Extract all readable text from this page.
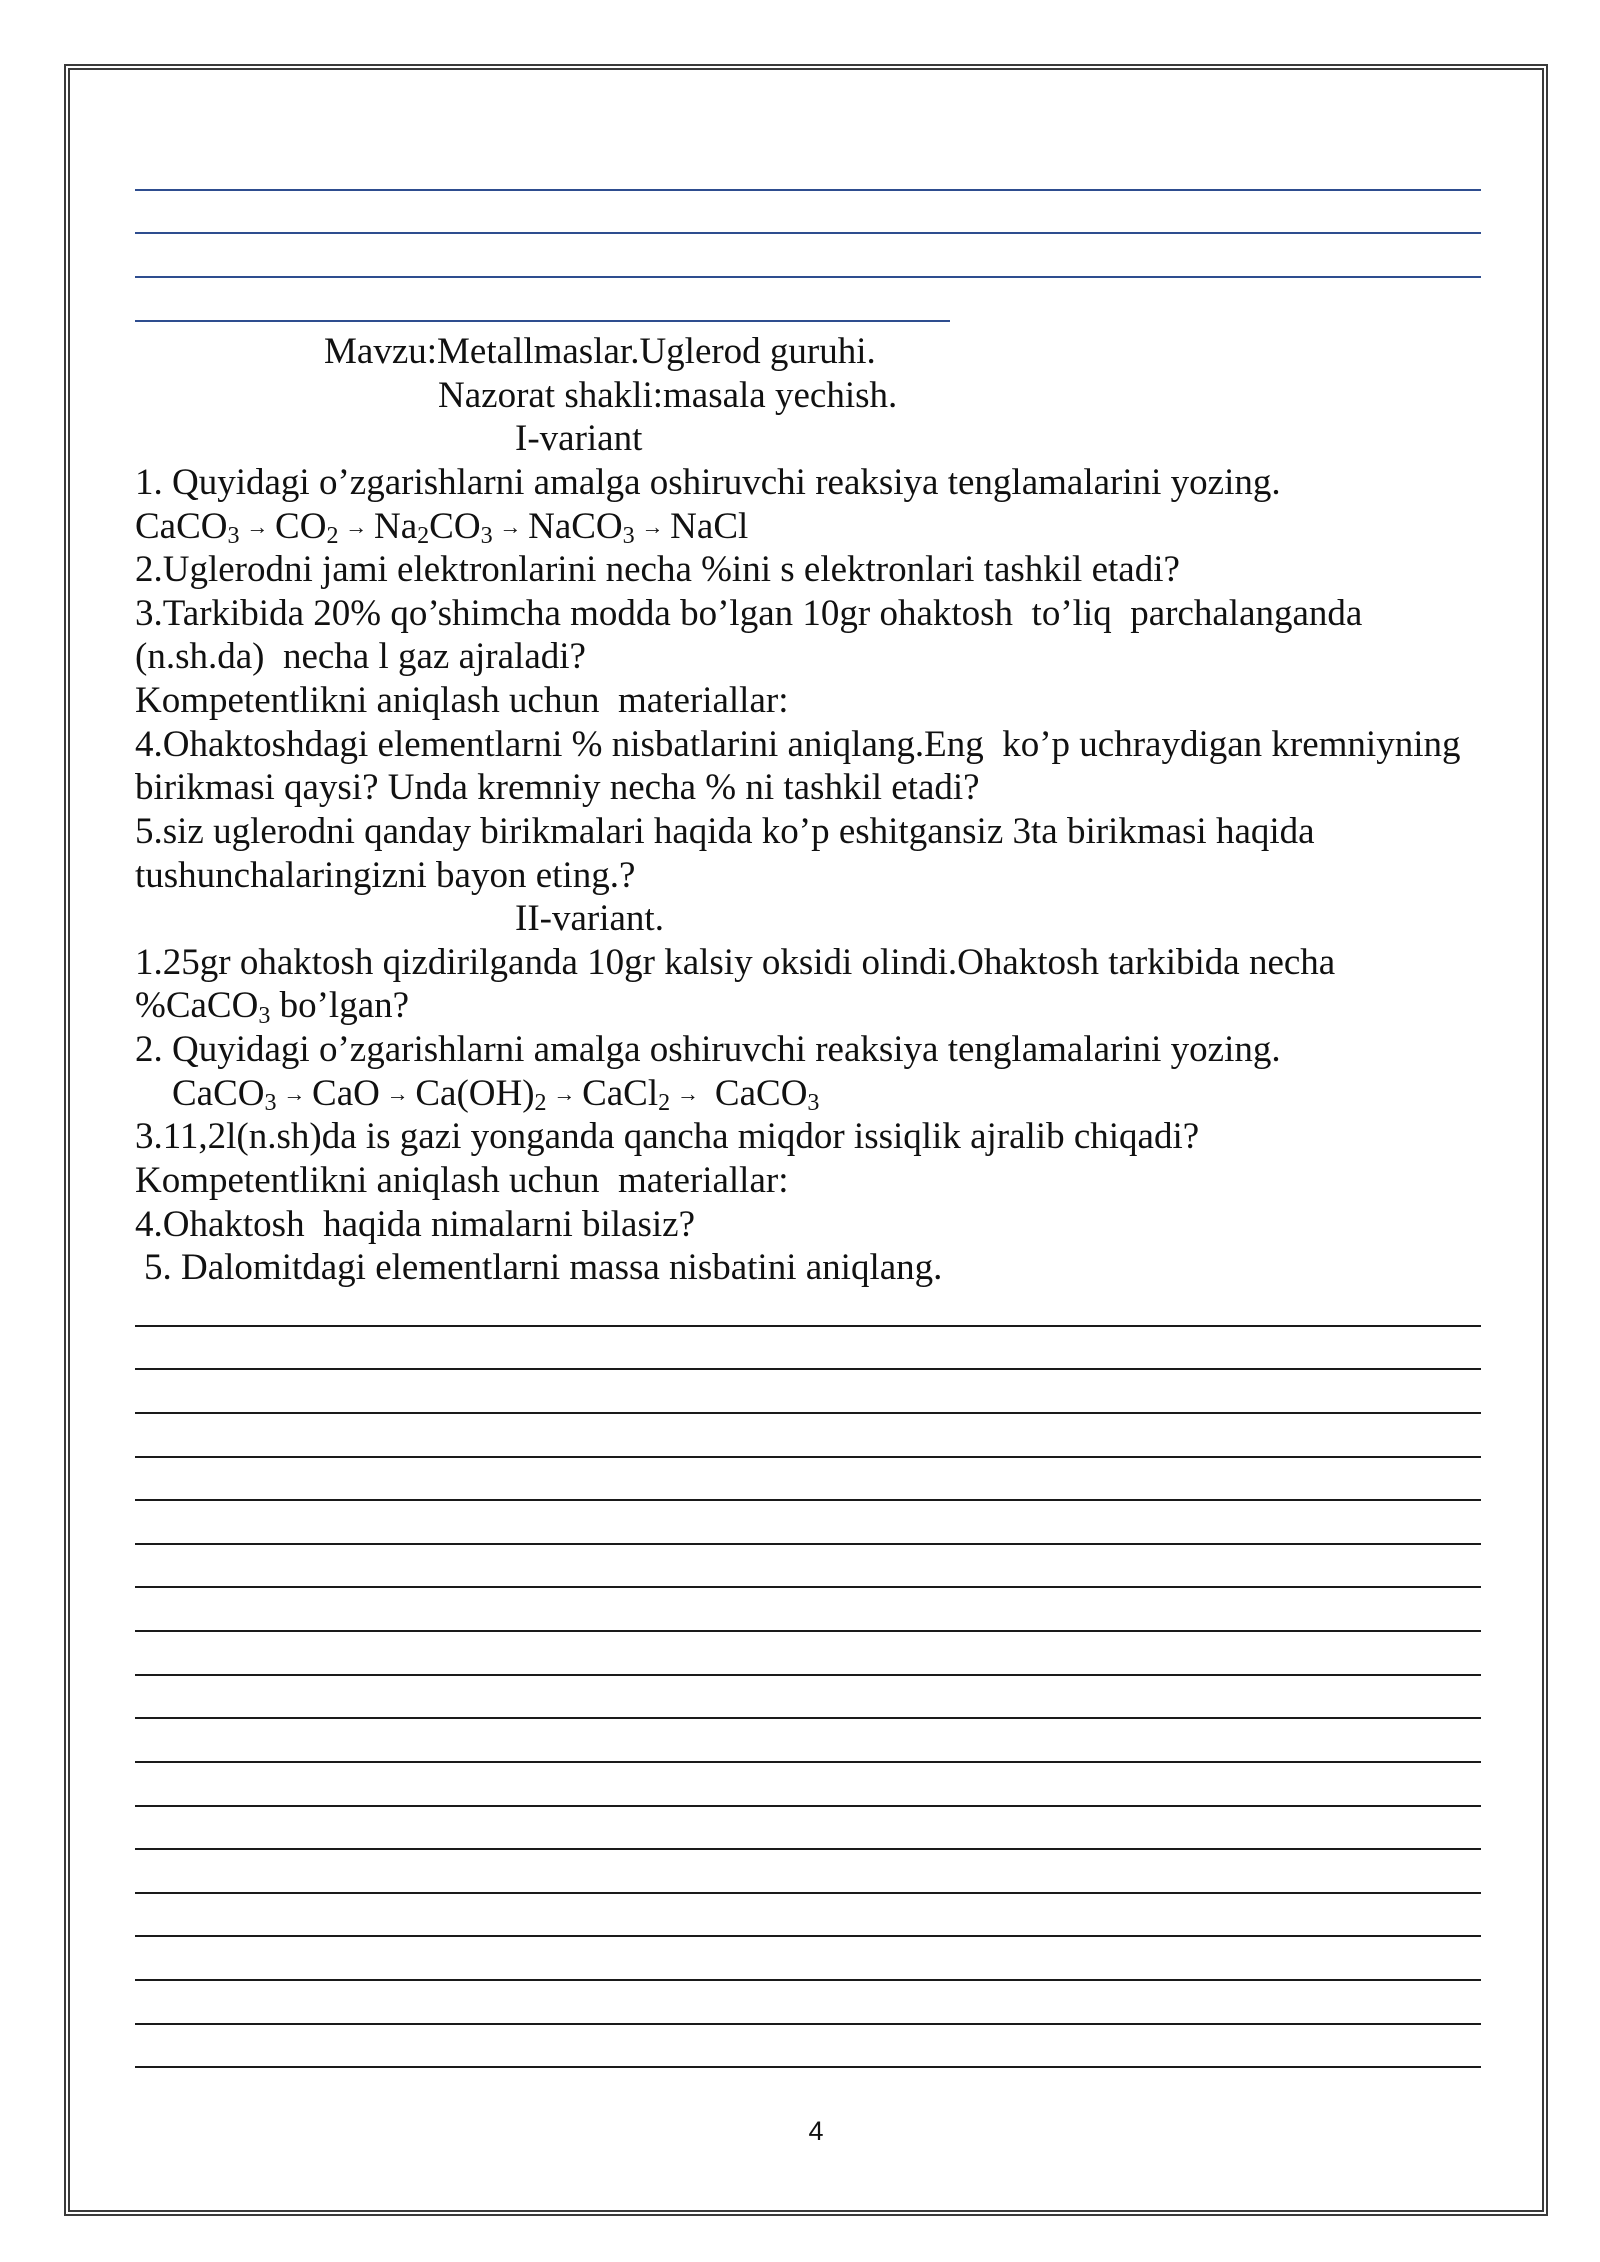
Mavzu:Metallmaslar.Uglerod guruhi.
Nazorat shakli:masala yechish.
I-variant
1. Quyidagi o’zgarishlarni amalga oshiruvchi reaksiya tenglamalarini yozing.
CaCO 3 → CO 2 → Na 2 CO 3 → NaCO 3 → NaCl
2.Uglerodni jami elektronlarini necha %ini s elektronlari tashkil etadi?
3.Tarkibida 20% qo’shimcha modda bo’lgan 10gr ohaktosh  to’liq  parchalanganda
(n.sh.da)  necha l gaz ajraladi?
Kompetentlikni aniqlash uchun  materiallar:
4.Ohaktoshdagi elementlarni % nisbatlarini aniqlang.Eng  ko’p uchraydigan kremniyning
birikmasi qaysi? Unda kremniy necha % ni tashkil etadi?
5.siz uglerodni qanday birikmalari haqida ko’p eshitgansiz 3ta birikmasi haqida
tushunchalaringizni bayon eting.?
II-variant.
1.25gr ohaktosh qizdirilganda 10gr kalsiy oksidi olindi.Ohaktosh tarkibida necha
%CaCO 3 bo’lgan?
2. Quyidagi o’zgarishlarni amalga oshiruvchi reaksiya tenglamalarini yozing.
CaCO 3 → CaO → Ca(OH) 2 → CaCl 2 → CaCO 3
3.11,2l(n.sh)da is gazi yonganda qancha miqdor issiqlik ajralib chiqadi?
Kompetentlikni aniqlash uchun  materiallar:
4.Ohaktosh  haqida nimalarni bilasiz?
5. Dalomitdagi elementlarni massa nisbatini aniqlang.
4
